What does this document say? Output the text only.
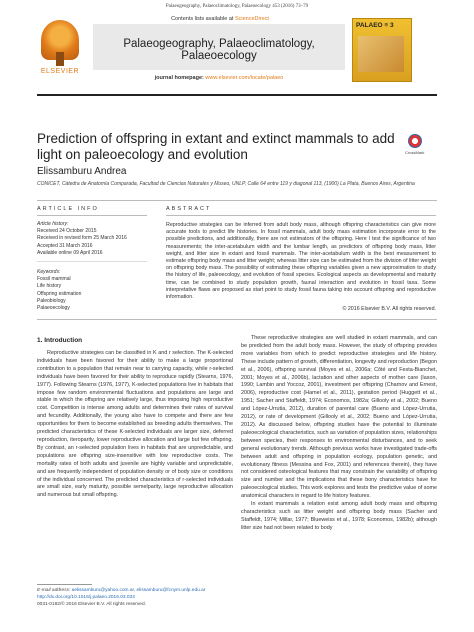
Palaeogeography, Palaeoclimatology, Palaeoecology 453 (2016) 73–79
ELSEVIER
Contents lists available at ScienceDirect
Palaeogeography, Palaeoclimatology, Palaeoecology
journal homepage: www.elsevier.com/locate/palaeo
PALAEO ≡ 3
Prediction of offspring in extant and extinct mammals to add light on paleoecology and evolution	CrossMark
Elissamburu Andrea
CONICET, Cátedra de Anatomía Comparada, Facultad de Ciencias Naturales y Museo, UNLP, Calle 64 entre 119 y diagonal 113, (1900) La Plata, Buenos Aires, Argentina
ARTICLE INFO	ABSTRACT
Article history:
Received 24 October 2015
Received in revised form 25 March 2016
Accepted 31 March 2016
Available online 09 April 2016
Keywords:
Fossil mammal
Life history
Offspring estimation
Paleobiology
Palaeoecology
Reproductive strategies can be inferred from adult body mass, although offspring characteristics can give more accurate tools to predict life histories. In fossil mammals, adult body mass estimation incorporate error to the possible predictions, and additionally, there are not estimators of the offspring. Here I test the significance of two measurements; the inter-acetabulum width and the lumbar length, as predictors of offspring body mass, litter weight, and litter size in extant and fossil mammals. The inter-acetabulum width is the best measurement to estimate offspring body mass and litter weight; whereas litter size can be estimated from the division of litter weight on offspring body mass. The possibility of estimating these offspring variables given a new approximation to study the history of life, paleoecology, and evolution of fossil species. Ecological aspects as developmental and maturity time, can be combined to study population growth, faunal interaction and evolution in fossil taxa. Some interpretative flaws are proposed as start point to study fossil fauna taking into account offspring and reproductive information.
© 2016 Elsevier B.V. All rights reserved.
1. Introduction

Reproductive strategies can be classified in K and r selection. The K-selected individuals have been favored for their ability to make a large proportional contribution to a population that remain near to carrying capacity, while r-selected individuals have been favored for their ability to reproduce rapidly (Stearns, 1976, 1977). Following Stearns (1976, 1977), K-selected populations live in habitats that impose few random environmental fluctuations and populations are large and stable in which the offspring are relatively large, thus imposing high reproductive cost. Competition is intense among adults and determines their rates of survival and fecundity. Additionally, the young also have to compete and there are few opportunities for them to become established as breeding adults themselves. The predicted characteristics of these K-selected individuals are larger size, deferred reproduction, iteroparity, lower reproductive allocation and large but few offspring. By contrast, an r-selected population lives in habitats that are unpredictable, and populations are offspring size-insensitive with low reproductive costs. The mortality rates of both adults and juvenile are highly variable and unpredictable, and are frequently independent of population density or of body size or conditions of the individual concerned. The predicted characteristics of r-selected individuals are small size, early maturity, possible semelparity, large reproductive allocation and numerous but small offspring.

These reproductive strategies are well studied in extant mammals, and can be predicted from the adult body mass. However, the study of offspring provides more variables from which to predict reproductive strategies and life history. These include pattern of growth, differentiation, longevity and reproduction (Begon et al., 2006), offspring survival (Moyes et al., 2006a; Côté and Festa-Bianchet, 2001; Moyes et al., 2006b), lactation and other aspects of mother care (Iason, 1990; Lambin and Yoccoz, 2001), investment per offspring (Charnov and Ernest, 2006), reproductive cost (Hamel et al., 2011), gestation period (Huggett et al., 1951; Sacher and Staffeldt, 1974; Economos, 1982a; Gillooly et al., 2002; Bueno and López-Urrutia, 2012), duration of parental care (Bueno and López-Urrutia, 2012), or rate of development (Gillooly et al., 2002; Bueno and López-Urrutia, 2012). As discussed below, offspring studies have the potential to illuminate paleoecological characteristics, such as variation of population sizes, relationships between species, their responses to environmental disturbances, and to seek general evolutionary trends. Although previous works have investigated trade-offs between adult and offspring in population ecology, population genetic, and evolutionary fitness (Messina and Fox, 2001) and references therein), they have not considered osteological features that may constrain the variability of offspring size and number and the implications that these bony characteristics have for paleoecological studies. This work explores and tests the predictive value of some anatomical characters in regard to life history features.

In extant mammals a relation exist among adult body mass and offspring characteristics such as litter weight and offspring body mass (Sacher and Staffeldt, 1974; Millar, 1977; Blueweiss et al., 1978; Economos, 1982b); although litter size had not been related to body

E-mail address: aelissamburu@yahoo.com.ar, elissamburu@fcnym.unlp.edu.ar
http://dx.doi.org/10.1016/j.palaeo.2016.03.033
0031-0182/© 2016 Elsevier B.V. All rights reserved.
